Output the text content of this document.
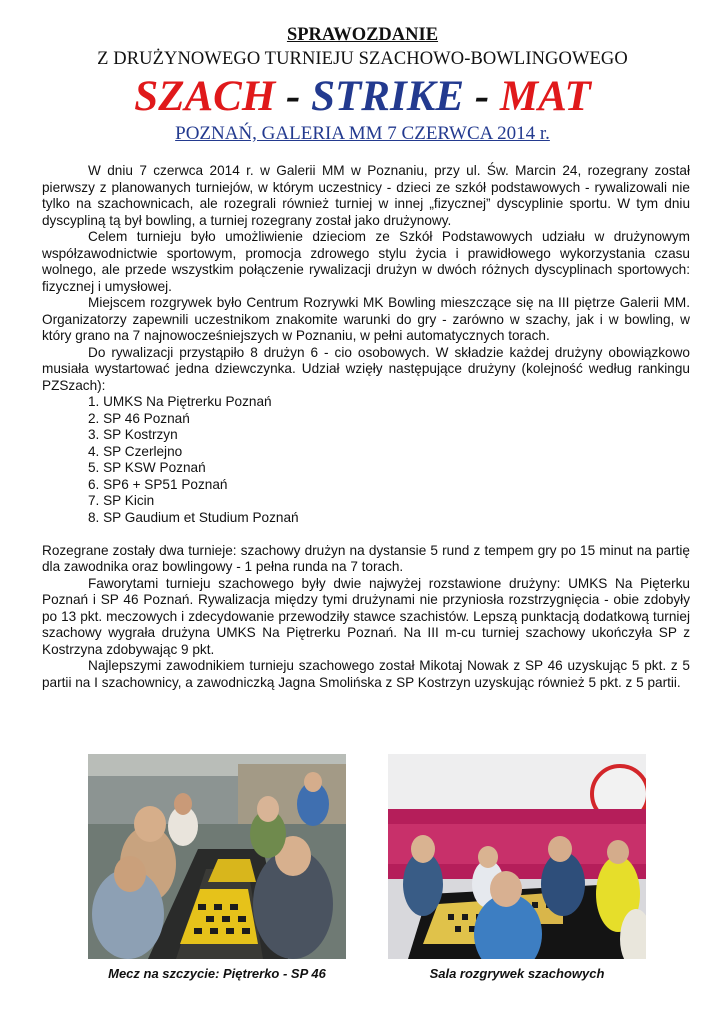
SPRAWOZDANIE
Z DRUŻYNOWEGO TURNIEJU SZACHOWO-BOWLINGOWEGO
SZACH - STRIKE - MAT
POZNAŃ, GALERIA MM 7 CZERWCA 2014 r.

W dniu 7 czerwca 2014 r. w Galerii MM w Poznaniu, przy ul. Św. Marcin 24, rozegrany został pierwszy z planowanych turniejów, w którym uczestnicy - dzieci ze szkół podstawowych - rywalizowali nie tylko na szachownicach, ale rozegrali również turniej w innej „fizycznej” dyscyplinie sportu. W tym dniu dyscypliną tą był bowling, a turniej rozegrany został jako drużynowy.

Celem turnieju było umożliwienie dzieciom ze Szkół Podstawowych udziału w drużynowym współzawodnictwie sportowym, promocja zdrowego stylu życia i prawidłowego wykorzystania czasu wolnego, ale przede wszystkim połączenie rywalizacji drużyn w dwóch różnych dyscyplinach sportowych: fizycznej i umysłowej.

Miejscem rozgrywek było Centrum Rozrywki MK Bowling mieszczące się na III piętrze Galerii MM. Organizatorzy zapewnili uczestnikom znakomite warunki do gry - zarówno w szachy, jak i w bowling, w który grano na 7 najnowocześniejszych w Poznaniu, w pełni automatycznych torach.

Do rywalizacji przystąpiło 8 drużyn 6 - cio osobowych. W składzie każdej drużyny obowiązkowo musiała wystartować jedna dziewczynka. Udział wzięły następujące drużyny (kolejność według rankingu PZSzach):

1. UMKS Na Piętrerku Poznań
2. SP 46 Poznań
3. SP Kostrzyn
4. SP Czerlejno
5. SP KSW Poznań
6. SP6 + SP51 Poznań
7. SP Kicin
8. SP Gaudium et Studium Poznań

Rozegrane zostały dwa turnieje: szachowy drużyn na dystansie 5 rund z tempem gry po 15 minut na partię dla zawodnika oraz bowlingowy - 1 pełna runda na 7 torach.

Faworytami turnieju szachowego były dwie najwyżej rozstawione drużyny: UMKS Na Pięterku Poznań i SP 46 Poznań. Rywalizacja między tymi drużynami nie przyniosła rozstrzygnięcia - obie zdobyły po 13 pkt. meczowych i zdecydowanie przewodziły stawce szachistów. Lepszą punktacją dodatkową turniej szachowy wygrała drużyna UMKS Na Piętrerku Poznań. Na III m-cu turniej szachowy ukończyła SP z Kostrzyna zdobywając 9 pkt.

Najlepszymi zawodnikiem turnieju szachowego został Mikotaj Nowak z SP 46 uzyskując 5 pkt. z 5 partii na I szachownicy, a zawodniczką Jagna Smolińska z SP Kostrzyn uzyskując również 5 pkt. z 5 partii.

Mecz na szczycie: Piętrerko - SP 46	Sala rozgrywek szachowych
